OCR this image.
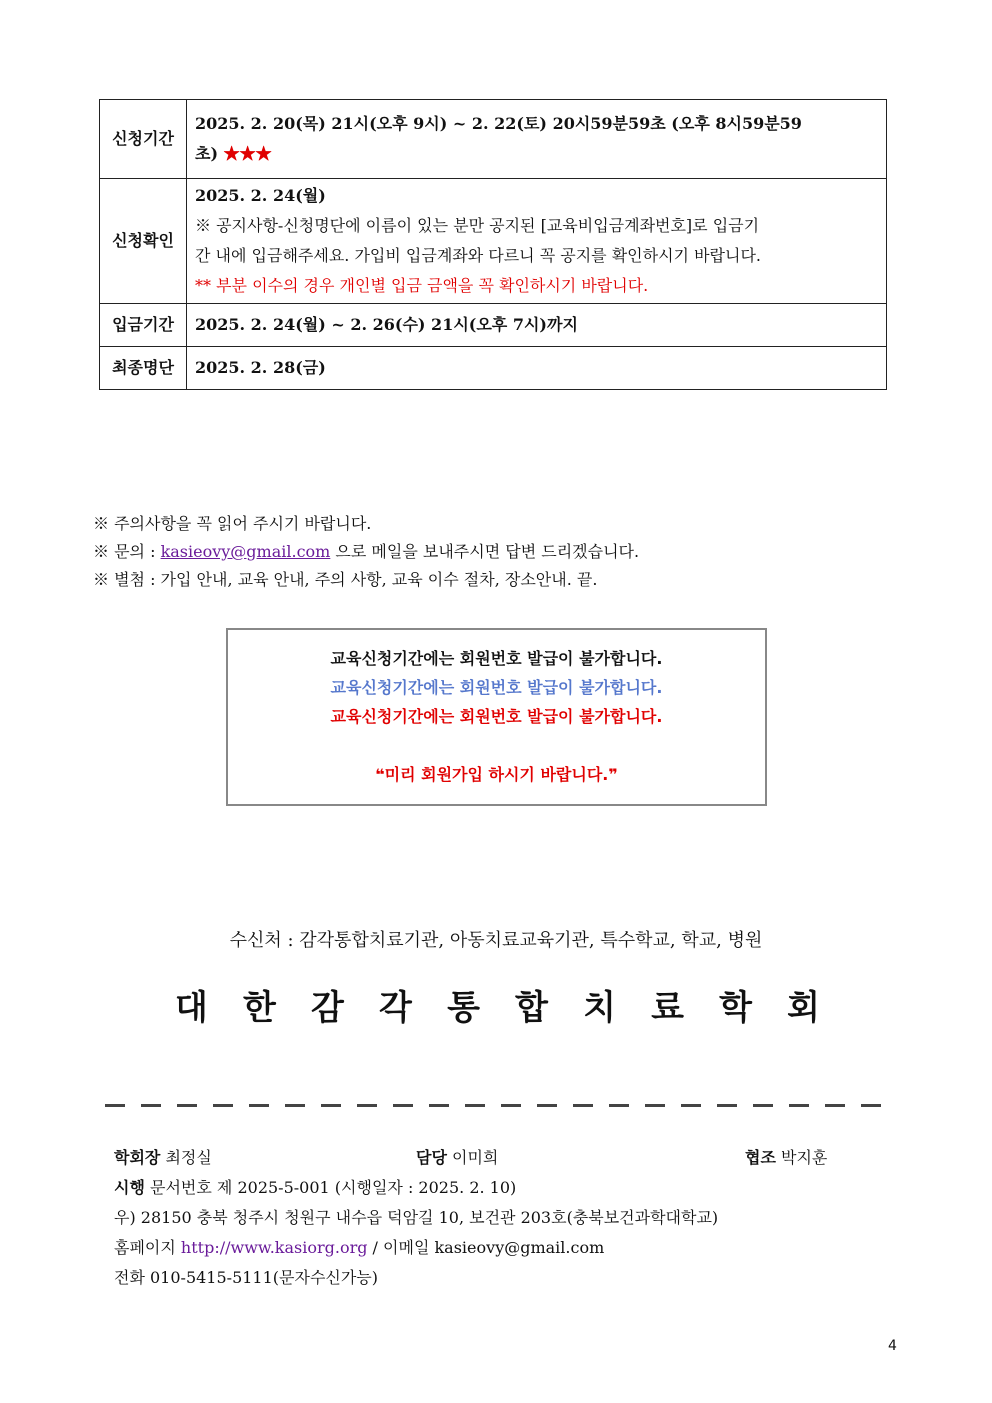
신청기간	2025. 2. 20(목) 21시(오후 9시) ~ 2. 22(토) 20시59분59초 (오후 8시59분59
초) ★★★

신청확인	2025. 2. 24(월)
※ 공지사항-신청명단에 이름이 있는 분만 공지된 [교육비입금계좌번호]로 입금기
간 내에 입금해주세요. 가입비 입금계좌와 다르니 꼭 공지를 확인하시기 바랍니다.
** 부분 이수의 경우 개인별 입금 금액을 꼭 확인하시기 바랍니다.

입금기간	2025. 2. 24(월) ~ 2. 26(수) 21시(오후 7시)까지
최종명단	2025. 2. 28(금)
※ 주의사항을 꼭 읽어 주시기 바랍니다.
※ 문의 : kasieovy@gmail.com 으로 메일을 보내주시면 답변 드리겠습니다.
※ 별첨 : 가입 안내, 교육 안내, 주의 사항, 교육 이수 절차, 장소안내. 끝.
교육신청기간에는 회원번호 발급이 불가합니다.
교육신청기간에는 회원번호 발급이 불가합니다.
교육신청기간에는 회원번호 발급이 불가합니다.
❝미리 회원가입 하시기 바랍니다.❞
수신처 : 감각통합치료기관, 아동치료교육기관, 특수학교, 학교, 병원
대 한 감 각 통 합 치 료 학 회
학회장 최정실	담당 이미희	협조 박지훈
시행 문서번호 제 2025-5-001 (시행일자 : 2025. 2. 10)
우) 28150 충북 청주시 청원구 내수읍 덕암길 10, 보건관 203호(충북보건과학대학교)
홈페이지 http://www.kasiorg.org / 이메일 kasieovy@gmail.com
전화 010-5415-5111(문자수신가능)
4
